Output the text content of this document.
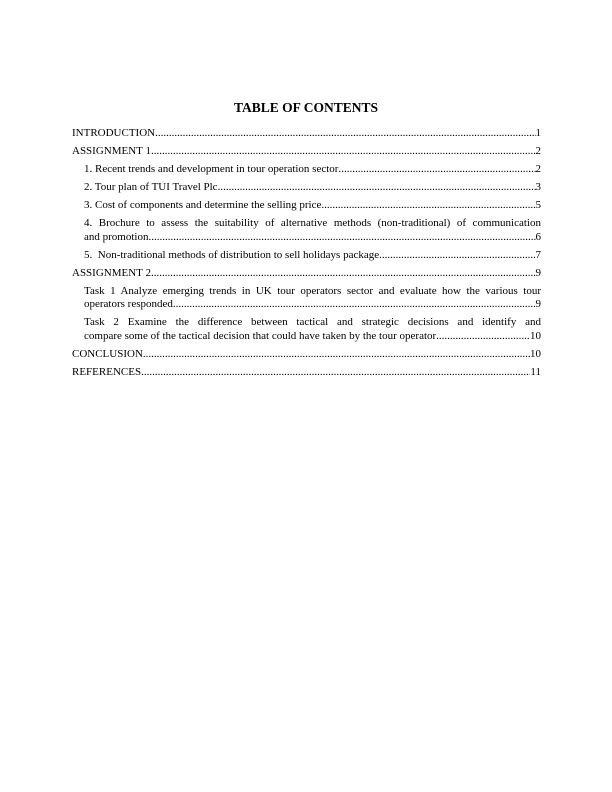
TABLE OF CONTENTS
INTRODUCTION .....	1
ASSIGNMENT 1 .....	2
1. Recent trends and development in tour operation sector .....	2
2. Tour plan of TUI Travel Plc .....	3
3. Cost of components and determine the selling price .....	5
4. Brochure to assess the suitability of alternative methods (non-traditional) of communication
and promotion .....	6
5.  Non-traditional methods of distribution to sell holidays package .....	7
ASSIGNMENT 2 .....	9
Task 1 Analyze emerging trends in UK tour operators sector and evaluate how the various tour
operators responded .....	9
Task 2 Examine the difference between tactical and strategic decisions and identify and
compare some of the tactical decision that could have taken by the tour operator .....	10
CONCLUSION .....	10
REFERENCES .....	11
